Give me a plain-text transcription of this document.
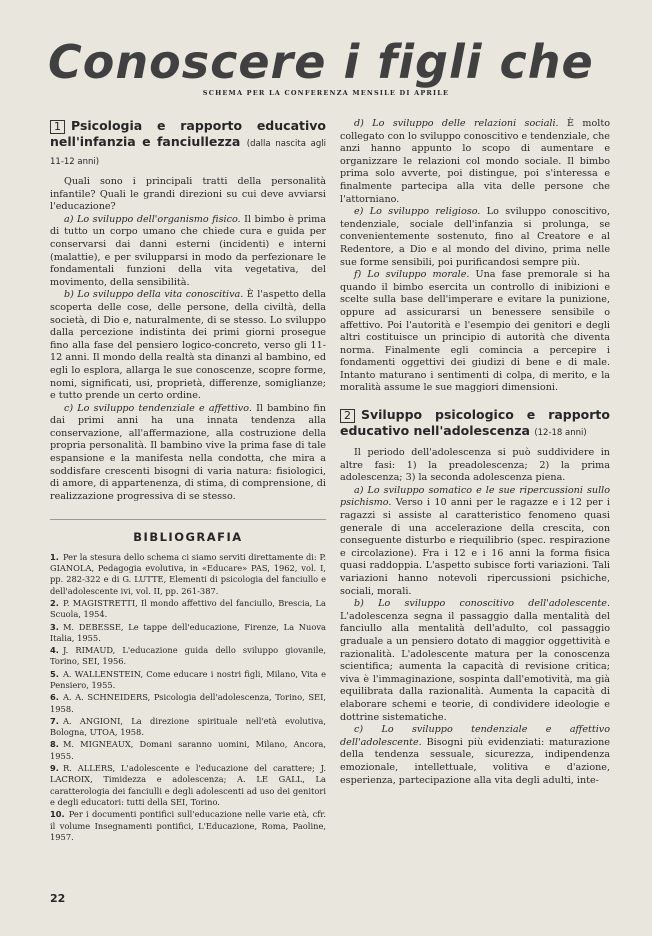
Conoscere i figli che
SCHEMA PER LA CONFERENZA MENSILE DI APRILE
1 Psicologia e rapporto educativo nell'infanzia e fanciullezza (dalla nascita agli 11-12 anni)

Quali sono i principali tratti della personalità infantile? Quali le grandi direzioni su cui deve avviarsi l'educazione?

a) Lo sviluppo dell'organismo fisico. Il bimbo è prima di tutto un corpo umano che chiede cura e guida per conservarsi dai danni esterni (incidenti) e interni (malattie), e per svilupparsi in modo da perfezionare le fondamentali funzioni della vita vegetativa, del movimento, della sensibilità.

b) Lo sviluppo della vita conoscitiva. È l'aspetto della scoperta delle cose, delle persone, della civiltà, della società, di Dio e, naturalmente, di se stesso. Lo sviluppo dalla percezione indistinta dei primi giorni prosegue fino alla fase del pensiero logico-concreto, verso gli 11-12 anni. Il mondo della realtà sta dinanzi al bambino, ed egli lo esplora, allarga le sue conoscenze, scopre forme, nomi, significati, usi, proprietà, differenze, somiglianze; e tutto prende un certo ordine.

c) Lo sviluppo tendenziale e affettivo. Il bambino fin dai primi anni ha una innata tendenza alla conservazione, all'affermazione, alla costruzione della propria personalità. Il bambino vive la prima fase di tale espansione e la manifesta nella condotta, che mira a soddisfare crescenti bisogni di varia natura: fisiologici, di amore, di appartenenza, di stima, di comprensione, di realizzazione progressiva di se stesso.

BIBLIOGRAFIA
1. Per la stesura dello schema ci siamo serviti direttamente di: P. GIANOLA, Pedagogia evolutiva, in «Educare» PAS, 1962, vol. I, pp. 282-322 e di G. LUTTE, Elementi di psicologia del fanciullo e dell'adolescente ivi, vol. II, pp. 261-387.
2. P. MAGISTRETTI, Il mondo affettivo del fanciullo, Brescia, La Scuola, 1954.
3. M. DEBESSE, Le tappe dell'educazione, Firenze, La Nuova Italia, 1955.
4. J. RIMAUD, L'educazione guida dello sviluppo giovanile, Torino, SEI, 1956.
5. A. WALLENSTEIN, Come educare i nostri figli, Milano, Vita e Pensiero, 1955.
6. A. A. SCHNEIDERS, Psicologia dell'adolescenza, Torino, SEI, 1958.
7. A. ANGIONI, La direzione spirituale nell'età evolutiva, Bologna, UTOA, 1958.
8. M. MIGNEAUX, Domani saranno uomini, Milano, Ancora, 1955.
9. R. ALLERS, L'adolescente e l'educazione del carattere; J. LACROIX, Timidezza e adolescenza; A. LE GALL, La caratterologia dei fanciulli e degli adolescenti ad uso dei genitori e degli educatori: tutti della SEI, Torino.
10. Per i documenti pontifici sull'educazione nelle varie età, cfr. il volume Insegnamenti pontifici, L'Educazione, Roma, Paoline, 1957.

d) Lo sviluppo delle relazioni sociali. È molto collegato con lo sviluppo conoscitivo e tendenziale, che anzi hanno appunto lo scopo di aumentare e organizzare le relazioni col mondo sociale. Il bimbo prima solo avverte, poi distingue, poi s'interessa e finalmente partecipa alla vita delle persone che l'attorniano.

e) Lo sviluppo religioso. Lo sviluppo conoscitivo, tendenziale, sociale dell'infanzia si prolunga, se convenientemente sostenuto, fino al Creatore e al Redentore, a Dio e al mondo del divino, prima nelle sue forme sensibili, poi purificandosi sempre più.

f) Lo sviluppo morale. Una fase premorale si ha quando il bimbo esercita un controllo di inibizioni e scelte sulla base dell'imperare e evitare la punizione, oppure ad assicurarsi un benessere sensibile o affettivo. Poi l'autorità e l'esempio dei genitori e degli altri costituisce un principio di autorità che diventa norma. Finalmente egli comincia a percepire i fondamenti oggettivi dei giudizi di bene e di male. Intanto maturano i sentimenti di colpa, di merito, e la moralità assume le sue maggiori dimensioni.

2 Sviluppo psicologico e rapporto educativo nell'adolescenza (12-18 anni)

Il periodo dell'adolescenza si può suddividere in altre fasi: 1) la preadolescenza; 2) la prima adolescenza; 3) la seconda adolescenza piena.

a) Lo sviluppo somatico e le sue ripercussioni sullo psichismo. Verso i 10 anni per le ragazze e i 12 per i ragazzi si assiste al caratteristico fenomeno quasi generale di una accelerazione della crescita, con conseguente disturbo e riequilibrio (spec. respirazione e circolazione). Fra i 12 e i 16 anni la forma fisica quasi raddoppia. L'aspetto subisce forti variazioni. Tali variazioni hanno notevoli ripercussioni psichiche, sociali, morali.

b) Lo sviluppo conoscitivo dell'adolescente. L'adolescenza segna il passaggio dalla mentalità del fanciullo alla mentalità dell'adulto, col passaggio graduale a un pensiero dotato di maggior oggettività e razionalità. L'adolescente matura per la conoscenza scientifica; aumenta la capacità di revisione critica; viva è l'immaginazione, sospinta dall'emotività, ma già equilibrata dalla razionalità. Aumenta la capacità di elaborare schemi e teorie, di condividere ideologie e dottrine sistematiche.

c) Lo sviluppo tendenziale e affettivo dell'adolescente. Bisogni più evidenziati: maturazione della tendenza sessuale, sicurezza, indipendenza emozionale, intellettuale, volitiva e d'azione, esperienza, partecipazione alla vita degli adulti, inte-

22
